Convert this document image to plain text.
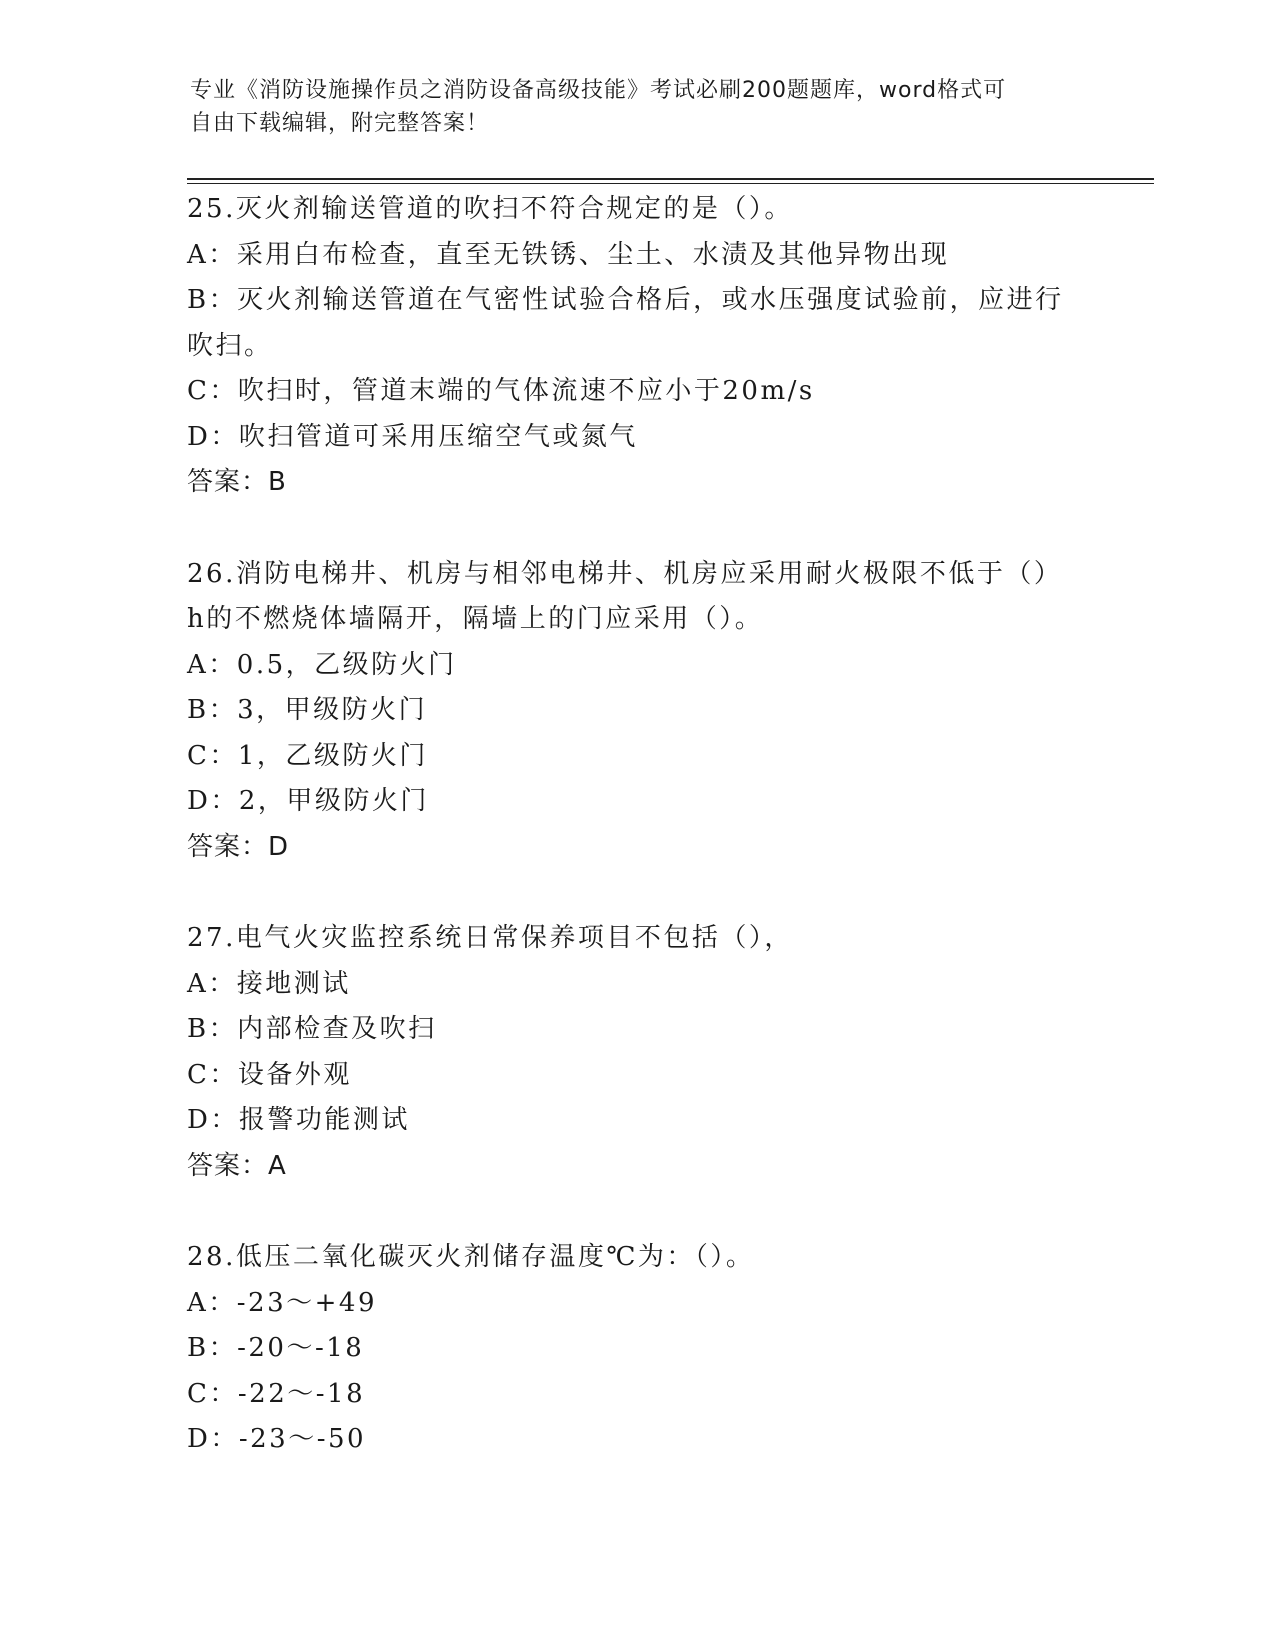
专业《消防设施操作员之消防设备高级技能》考试必刷200题题库，word格式可
自由下载编辑，附完整答案！
25.灭火剂输送管道的吹扫不符合规定的是（）。
A：采用白布检查，直至无铁锈、尘土、水渍及其他异物出现
B：灭火剂输送管道在气密性试验合格后，或水压强度试验前，应进行
吹扫。
C：吹扫时，管道末端的气体流速不应小于20m/s
D：吹扫管道可采用压缩空气或氮气
答案：B
26.消防电梯井、机房与相邻电梯井、机房应采用耐火极限不低于（）
h的不燃烧体墙隔开，隔墙上的门应采用（）。
A：0.5，乙级防火门
B：3，甲级防火门
C：1，乙级防火门
D：2，甲级防火门
答案：D
27.电气火灾监控系统日常保养项目不包括（），
A：接地测试
B：内部检查及吹扫
C：设备外观
D：报警功能测试
答案：A
28.低压二氧化碳灭火剂储存温度℃为：（）。
A：-23～+49
B：-20～-18
C：-22～-18
D：-23～-50
